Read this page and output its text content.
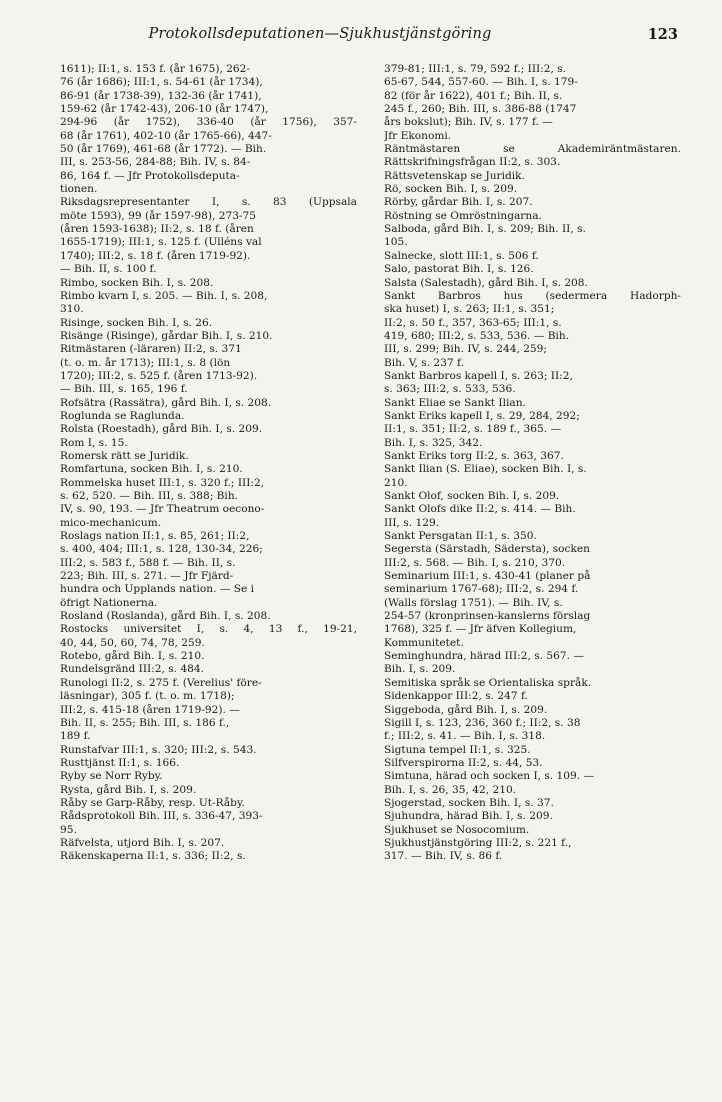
Protokollsdeputationen—Sjukhustjänstgöring	123
1611); II:1, s. 153 f. (år 1675), 262-
76 (år 1686); III:1, s. 54-61 (år 1734),
86-91 (år 1738-39), 132-36 (år 1741),
159-62 (år 1742-43), 206-10 (år 1747),
294-96 (år 1752), 336-40 (år 1756), 357-
68 (år 1761), 402-10 (år 1765-66), 447-
50 (år 1769), 461-68 (år 1772). — Bih.
III, s. 253-56, 284-88; Bih. IV, s. 84-
86, 164 f. — Jfr Protokollsdeputa-
tionen.
Riksdagsrepresentanter I, s. 83 (Uppsala
möte 1593), 99 (år 1597-98), 273-75
(åren 1593-1638); II:2, s. 18 f. (åren
1655-1719); III:1, s. 125 f. (Ulléns val
1740); III:2, s. 18 f. (åren 1719-92).
— Bih. II, s. 100 f.
Rimbo, socken Bih. I, s. 208.
Rimbo kvarn I, s. 205. — Bih. I, s. 208,
310.
Risinge, socken Bih. I, s. 26.
Risänge (Risinge), gårdar Bih. I, s. 210.
Ritmästaren (-läraren) II:2, s. 371
(t. o. m. år 1713); III:1, s. 8 (lön
1720); III:2, s. 525 f. (åren 1713-92).
— Bih. III, s. 165, 196 f.
Rofsätra (Rassätra), gård Bih. I, s. 208.
Roglunda se Raglunda.
Rolsta (Roestadh), gård Bih. I, s. 209.
Rom I, s. 15.
Romersk rätt se Juridik.
Romfartuna, socken Bih. I, s. 210.
Rommelska huset III:1, s. 320 f.; III:2,
s. 62, 520. — Bih. III, s. 388; Bih.
IV, s. 90, 193. — Jfr Theatrum oecono-
mico-mechanicum.
Roslags nation II:1, s. 85, 261; II:2,
s. 400, 404; III:1, s. 128, 130-34, 226;
III:2, s. 583 f., 588 f. — Bih. II, s.
223; Bih. III, s. 271. — Jfr Fjärd-
hundra och Upplands nation. — Se i
öfrigt Nationerna.
Rosland (Roslanda), gård Bih. I, s. 208.
Rostocks universitet I, s. 4, 13 f., 19-21,
40, 44, 50, 60, 74, 78, 259.
Rotebo, gård Bih. I, s. 210.
Rundelsgränd III:2, s. 484.
Runologi II:2, s. 275 f. (Verelius' före-
läsningar), 305 f. (t. o. m. 1718);
III:2, s. 415-18 (åren 1719-92). —
Bih. II, s. 255; Bih. III, s. 186 f.,
189 f.
Runstafvar III:1, s. 320; III:2, s. 543.
Rusttjänst II:1, s. 166.
Ryby se Norr Ryby.
Rysta, gård Bih. I, s. 209.
Råby se Garp-Råby, resp. Ut-Råby.
Rådsprotokoll Bih. III, s. 336-47, 393-
95.
Räfvelsta, utjord Bih. I, s. 207.
Räkenskaperna II:1, s. 336; II:2, s.
379-81; III:1, s. 79, 592 f.; III:2, s.
65-67, 544, 557-60. — Bih. I, s. 179-
82 (för år 1622), 401 f.; Bih. II, s.
245 f., 260; Bih. III, s. 386-88 (1747
års bokslut); Bih. IV, s. 177 f. —
Jfr Ekonomi.
Räntmästaren se Akademiräntmästaren.
Rättskrifningsfrågan II:2, s. 303.
Rättsvetenskap se Juridik.
Rö, socken Bih. I, s. 209.
Rörby, gårdar Bih. I, s. 207.
Röstning se Omröstningarna.
Salboda, gård Bih. I, s. 209; Bih. II, s.
105.
Salnecke, slott III:1, s. 506 f.
Salo, pastorat Bih. I, s. 126.
Salsta (Salestadh), gård Bih. I, s. 208.
Sankt Barbros hus (sedermera Hadorph-
ska huset) I, s. 263; II:1, s. 351;
II:2, s. 50 f., 357, 363-65; III:1, s.
419, 680; III:2, s. 533, 536. — Bih.
III, s. 299; Bih. IV, s. 244, 259;
Bih. V, s. 237 f.
Sankt Barbros kapell I, s. 263; II:2,
s. 363; III:2, s. 533, 536.
Sankt Eliae se Sankt Ilian.
Sankt Eriks kapell I, s. 29, 284, 292;
II:1, s. 351; II:2, s. 189 f., 365. —
Bih. I, s. 325, 342.
Sankt Eriks torg II:2, s. 363, 367.
Sankt Ilian (S. Eliae), socken Bih. I, s.
210.
Sankt Olof, socken Bih. I, s. 209.
Sankt Olofs dike II:2, s. 414. — Bih.
III, s. 129.
Sankt Persgatan II:1, s. 350.
Segersta (Särstadh, Sädersta), socken
III:2, s. 568. — Bih. I, s. 210, 370.
Seminarium III:1, s. 430-41 (planer på
seminarium 1767-68); III:2, s. 294 f.
(Walls förslag 1751). — Bih. IV, s.
254-57 (kronprinsen-kanslerns förslag
1768), 325 f. — Jfr äfven Kollegium,
Kommunitetet.
Seminghundra, härad III:2, s. 567. —
Bih. I, s. 209.
Semitiska språk se Orientaliska språk.
Sidenkappor III:2, s. 247 f.
Siggeboda, gård Bih. I, s. 209.
Sigill I, s. 123, 236, 360 f.; II:2, s. 38
f.; III:2, s. 41. — Bih. I, s. 318.
Sigtuna tempel II:1, s. 325.
Silfverspirorna II:2, s. 44, 53.
Simtuna, härad och socken I, s. 109. —
Bih. I, s. 26, 35, 42, 210.
Sjogerstad, socken Bih. I, s. 37.
Sjuhundra, härad Bih. I, s. 209.
Sjukhuset se Nosocomium.
Sjukhustjänstgöring III:2, s. 221 f.,
317. — Bih. IV, s. 86 f.
